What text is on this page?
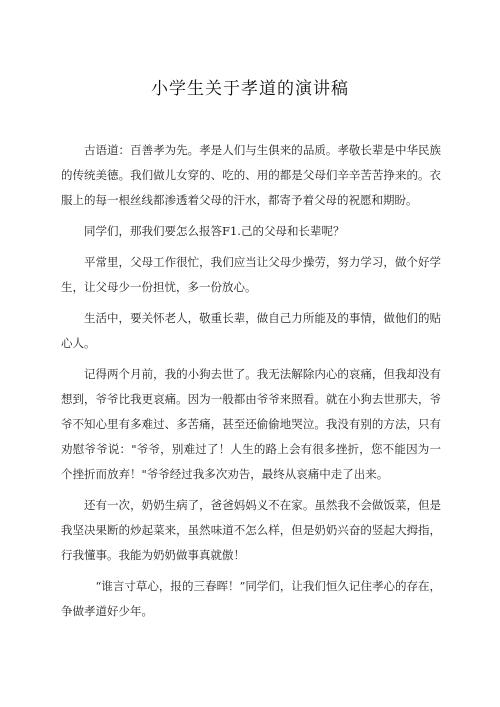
小学生关于孝道的演讲稿

古语道：百善孝为先。孝是人们与生俱来的品质。孝敬长辈是中华民族的传统美德。我们做儿女穿的、吃的、用的都是父母们辛辛苦苦挣来的。衣服上的每一根丝线都渗透着父母的汗水，都寄予着父母的祝愿和期盼。

同学们，那我们要怎么报答F1.己的父母和长辈呢？

平常里，父母工作很忙，我们应当让父母少操劳，努力学习，做个好学生，让父母少一份担忧，多一份放心。

生活中，要关怀老人，敬重长辈，做自己力所能及的事情，做他们的贴心人。

记得两个月前，我的小狗去世了。我无法解除内心的哀痛，但我却没有想到，爷爷比我更哀痛。因为一般都由爷爷来照看。就在小狗去世那夫，爷爷不知心里有多难过、多苦痛，甚至还偷偷地哭泣。我没有别的方法，只有劝慰爷爷说："爷爷，别难过了！人生的路上会有很多挫折，您不能因为一个挫折而放弃！"爷爷经过我多次劝告，最终从哀痛中走了出来。

还有一次，奶奶生病了，爸爸妈妈义不在家。虽然我不会做饭菜，但是我坚决果断的炒起菜来，虽然味道不怎么样，但是奶奶兴奋的竖起大拇指，行我懂事。我能为奶奶做事真就傲！

“谁言寸草心，报的三春晖！”同学们，让我们恒久记住孝心的存在，争做孝道好少年。
